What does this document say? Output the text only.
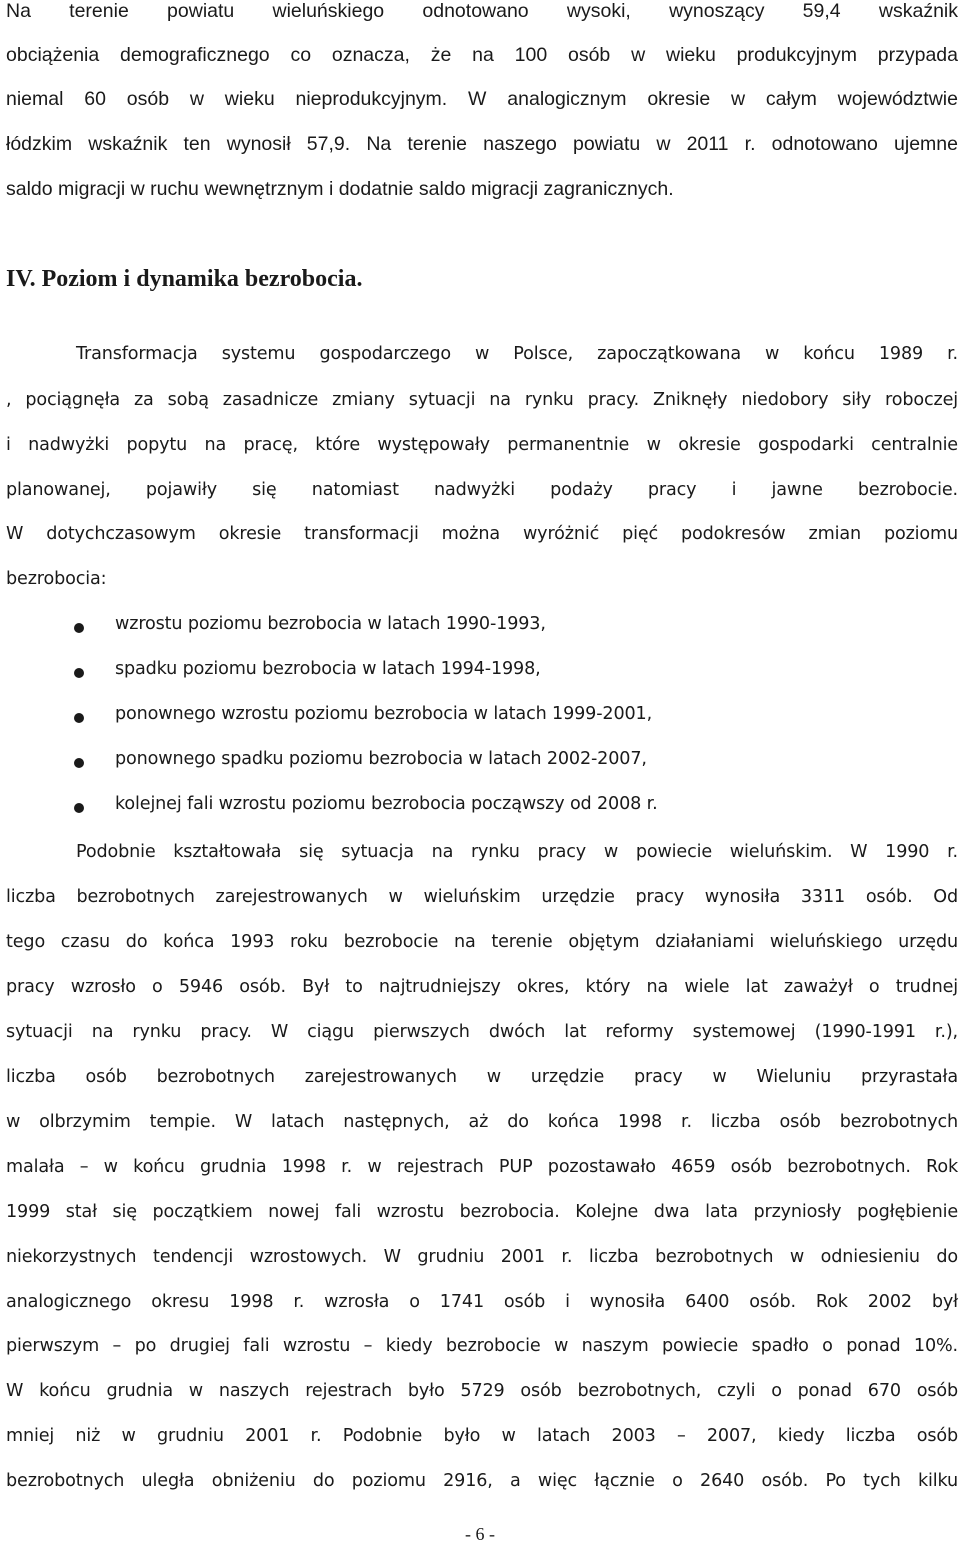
Na terenie powiatu wieluńskiego odnotowano wysoki, wynoszący 59,4 wskaźnik
obciążenia demograficznego co oznacza, że na 100 osób w wieku produkcyjnym przypada
niemal 60 osób w wieku nieprodukcyjnym. W analogicznym okresie w całym województwie
łódzkim wskaźnik ten wynosił 57,9. Na terenie naszego powiatu w 2011 r. odnotowano ujemne
saldo migracji w ruchu wewnętrznym i dodatnie saldo migracji zagranicznych.
IV. Poziom i dynamika bezrobocia.
Transformacja systemu gospodarczego w Polsce, zapoczątkowana w końcu 1989 r.
, pociągnęła za sobą zasadnicze zmiany sytuacji na rynku pracy. Zniknęły niedobory siły roboczej
i nadwyżki popytu na pracę, które występowały permanentnie w okresie gospodarki centralnie
planowanej, pojawiły się natomiast nadwyżki podaży pracy i jawne bezrobocie.
W dotychczasowym okresie transformacji można wyróżnić pięć podokresów zmian poziomu
bezrobocia:
wzrostu poziomu bezrobocia w latach 1990-1993,
spadku poziomu bezrobocia w latach 1994-1998,
ponownego wzrostu poziomu bezrobocia w latach 1999-2001,
ponownego spadku poziomu bezrobocia w latach 2002-2007,
kolejnej fali wzrostu poziomu bezrobocia począwszy od 2008 r.
Podobnie kształtowała się sytuacja na rynku pracy w powiecie wieluńskim. W 1990 r.
liczba bezrobotnych zarejestrowanych w wieluńskim urzędzie pracy wynosiła 3311 osób. Od
tego czasu do końca 1993 roku bezrobocie na terenie objętym działaniami wieluńskiego urzędu
pracy wzrosło o 5946 osób. Był to najtrudniejszy okres, który na wiele lat zaważył o trudnej
sytuacji na rynku pracy. W ciągu pierwszych dwóch lat reformy systemowej (1990-1991 r.),
liczba osób bezrobotnych zarejestrowanych w urzędzie pracy w Wieluniu przyrastała
w olbrzymim tempie. W latach następnych, aż do końca 1998 r. liczba osób bezrobotnych
malała – w końcu grudnia 1998 r. w rejestrach PUP pozostawało 4659 osób bezrobotnych. Rok
1999 stał się początkiem nowej fali wzrostu bezrobocia. Kolejne dwa lata przyniosły pogłębienie
niekorzystnych tendencji wzrostowych. W grudniu 2001 r. liczba bezrobotnych w odniesieniu do
analogicznego okresu 1998 r. wzrosła o 1741 osób i wynosiła 6400 osób. Rok 2002 był
pierwszym – po drugiej fali wzrostu – kiedy bezrobocie w naszym powiecie spadło o ponad 10%.
W końcu grudnia w naszych rejestrach było 5729 osób bezrobotnych, czyli o ponad 670 osób
mniej niż w grudniu 2001 r. Podobnie było w latach 2003 – 2007, kiedy liczba osób
bezrobotnych uległa obniżeniu do poziomu 2916, a więc łącznie o 2640 osób. Po tych kilku
- 6 -
